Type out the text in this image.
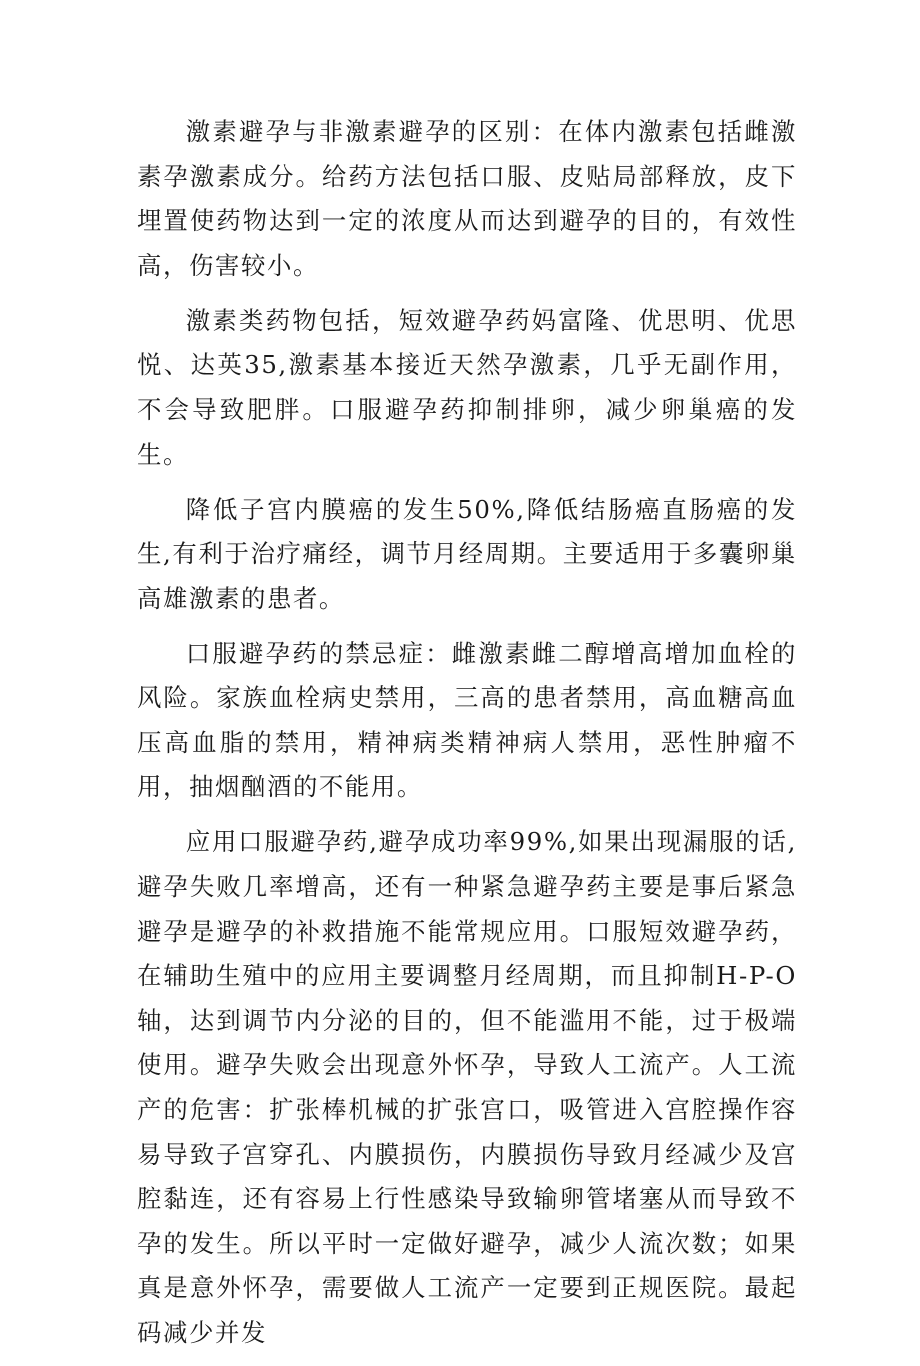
激素避孕与非激素避孕的区别：在体内激素包括雌激素孕激素成分。给药方法包括口服、皮贴局部释放，皮下埋置使药物达到一定的浓度从而达到避孕的目的，有效性高，伤害较小。

激素类药物包括，短效避孕药妈富隆、优思明、优思悦、达英35,激素基本接近天然孕激素，几乎无副作用，不会导致肥胖。口服避孕药抑制排卵，减少卵巢癌的发生。

降低子宫内膜癌的发生50%,降低结肠癌直肠癌的发生,有利于治疗痛经，调节月经周期。主要适用于多囊卵巢高雄激素的患者。

口服避孕药的禁忌症：雌激素雌二醇增高增加血栓的风险。家族血栓病史禁用，三高的患者禁用，高血糖高血压高血脂的禁用，精神病类精神病人禁用，恶性肿瘤不用，抽烟酗酒的不能用。

应用口服避孕药,避孕成功率99%,如果出现漏服的话,避孕失败几率增高，还有一种紧急避孕药主要是事后紧急避孕是避孕的补救措施不能常规应用。口服短效避孕药，在辅助生殖中的应用主要调整月经周期，而且抑制H-P-O轴，达到调节内分泌的目的，但不能滥用不能，过于极端使用。避孕失败会出现意外怀孕，导致人工流产。人工流产的危害：扩张棒机械的扩张宫口，吸管进入宫腔操作容易导致子宫穿孔、内膜损伤，内膜损伤导致月经减少及宫腔黏连，还有容易上行性感染导致输卵管堵塞从而导致不孕的发生。所以平时一定做好避孕，减少人流次数；如果真是意外怀孕，需要做人工流产一定要到正规医院。最起码减少并发
